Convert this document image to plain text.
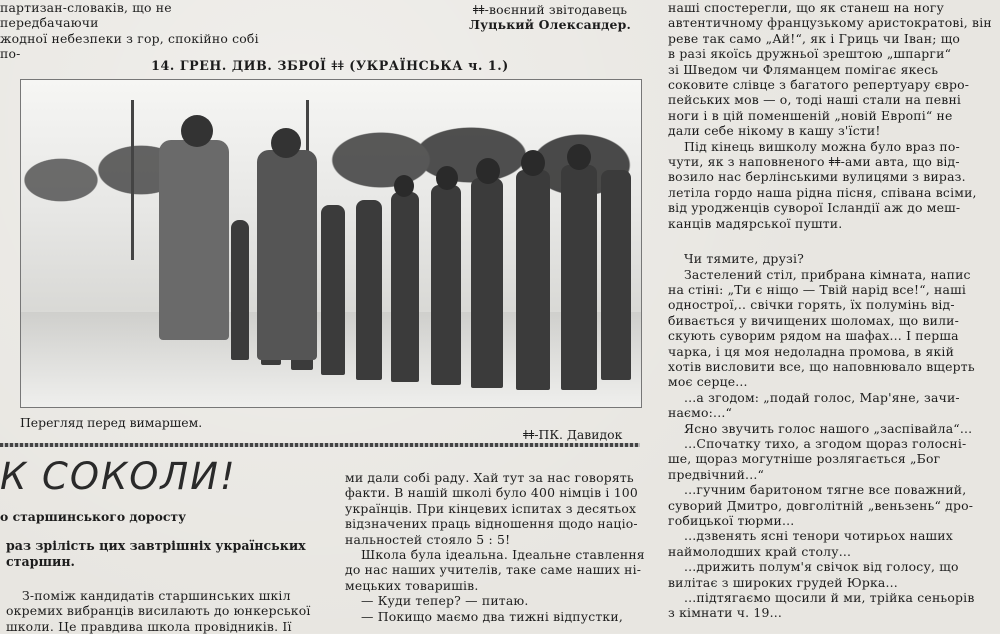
партизан-словаків, що не передбачаючи

жодної небезпеки з гор, спокійно собі по-

ǂǂ-воєнний звітодавець

Луцький Олександер.

14. ГРЕН. ДИВ. ЗБРОЇ ǂǂ (УКРАЇНСЬКА ч. 1.)
Перегляд перед вимаршем.
ǂǂ-ПК. Давидок
К СОКОЛИ!
о старшинського дорoсту

раз зрілість цих завтрішніх українських

старшин.

З-поміж кандидатів старшинських шкіл

окремих вибранців висилають до юнкерської

школи. Це правдива школа провідників. Ії

ми дали собі раду. Хай тут за нас говорять

факти. В нашій школі було 400 німців і 100

українців. При кінцевих іспитах з десятьох

відзначених праць відношення щодо націо-

нальностей стояло 5 : 5!

Школа була ідеальна. Ідеальне ставлення

до нас наших учителів, таке саме наших ні-

мецьких товаришів.

— Куди тепер? — питаю.

— Покищо маємо два тижні відпустки,

наші спостерегли, що як станеш на ногу

автентичному французькому аристократові, він

реве так само „Ай!“, як і Гриць чи Іван; що

в разі якоїсь дружньої зрештою „шпарги“

зі Шведом чи Фляманцем помігає якесь

соковите слівце з багатого репертуару євро-

пейських мов — о, тоді наші стали на певні

ноги і в цій поменшеній „новій Европі“ не

дали себе нікому в кашу з'їсти!

Під кінець вишколу можна було враз по-

чути, як з наповненого ǂǂ-ами авта, що від-

возило нас берлінськими вулицями з вираз.

летіла гордо наша рідна пісня, співана всіми,

від уроджeнців суворої Ісландії аж до меш-

канців мадярської пушти.

Чи тямите, друзі?

Застелений стіл, прибрана кімната, напис

на стіні: „Ти є ніщо — Твій нарід все!“, наші

однострої,.. свічки горять, їх полумінь від-

бивається у вичищених шоломах, що вили-

скують суворим рядом на шафах... І перша

чарка, і ця моя недоладна промова, в якій

хотів висловити все, що наповнювало вщерть

моє серце...

...а згодом: „подай голос, Мар'яне, зачи-

наємо:...“

Ясно звучить голос нашого „заспівайла“...

...Спочатку тихо, а згодом щораз голосні-

ше, щораз могутніше розлягається „Бог

предвічний...“

...гучним баритоном тягне все поважний,

суворий Дмитро, довголітній „вeньзень“ дро-

гобицької тюрми...

...дзвенять ясні тенори чотирьох наших

наймолодших край столу...

...дрижить полум'я свічок від голосу, що

вилітає з широких грудей Юрка...

...підтягаємо щосили й ми, трійка сеньорів

з кімнати ч. 19...
